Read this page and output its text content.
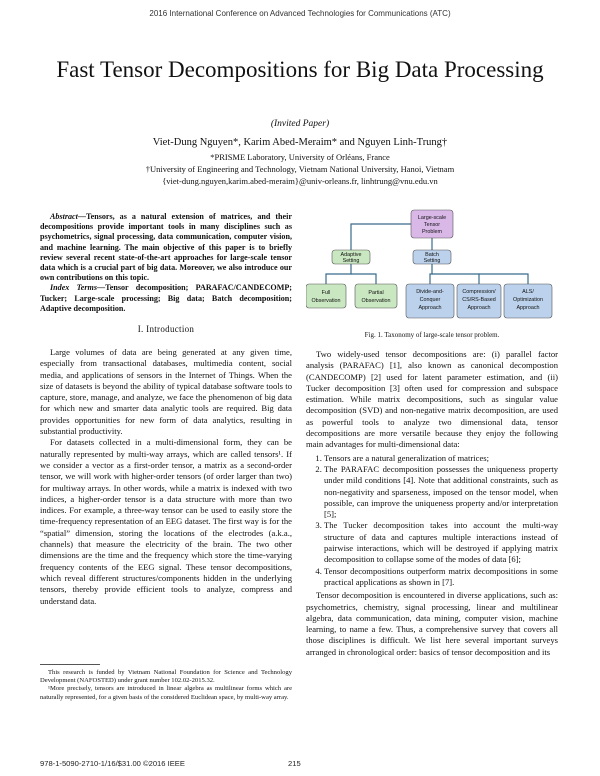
2016 International Conference on Advanced Technologies for Communications (ATC)
Fast Tensor Decompositions for Big Data Processing
(Invited Paper)
Viet-Dung Nguyen*, Karim Abed-Meraim* and Nguyen Linh-Trung†
*PRISME Laboratory, University of Orléans, France
†University of Engineering and Technology, Vietnam National University, Hanoi, Vietnam
{viet-dung.nguyen,karim.abed-meraim}@univ-orleans.fr, linhtrung@vnu.edu.vn

Abstract—Tensors, as a natural extension of matrices, and their decompositions provide important tools in many disciplines such as psychometrics, signal processing, data communication, computer vision, and machine learning. The main objective of this paper is to briefly review several recent state-of-the-art approaches for large-scale tensor data which is a crucial part of big data. Moreover, we also introduce our own contributions on this topic.

Index Terms—Tensor decomposition; PARAFAC/CANDECOMP; Tucker; Large-scale processing; Big data; Batch decomposition; Adaptive decomposition.

I. Introduction

Large volumes of data are being generated at any given time, especially from transactional databases, multimedia content, social media, and applications of sensors in the Internet of Things. When the size of datasets is beyond the ability of typical database software tools to capture, store, manage, and analyze, we face the phenomenon of big data for which new and smarter data analytic tools are required. Big data provides opportunities for new form of data analytics, resulting in substantial productivity.

For datasets collected in a multi-dimensional form, they can be naturally represented by multi-way arrays, which are called tensors¹. If we consider a vector as a first-order tensor, a matrix as a second-order tensor, we will work with higher-order tensors (of order larger than two) for multiway arrays. In other words, while a matrix is indexed with two indices, a higher-order tensor is a data structure with more than two indices. For example, a three-way tensor can be used to easily store the time-frequency representation of an EEG dataset. The first way is for the “spatial” dimension, storing the locations of the electrodes (a.k.a., channels) that measure the electricity of the brain. The two other dimensions are the time and the frequency which store the time-varying frequency contents of the EEG signal. These tensor decompositions, which reveal different structures/components hidden in the underlying tensors, thereby provide efficient tools to analyze, compress and understand data.

This research is funded by Vietnam National Foundation for Science and Technology Development (NAFOSTED) under grant number 102.02-2015.32.

¹More precisely, tensors are introduced in linear algebra as multilinear forms which are naturally represented, for a given basis of the considered Euclidean space, by multi-way array.

Large-scale
Tensor
Problem
Adaptive
Setting
Batch
Setting
Full
Observation
Partial
Observation
Divide-and-
Conquer
Approach
Compression/
CS/RS-Based
Approach
ALS/
Optimization
Approach
Fig. 1. Taxonomy of large-scale tensor problem.

Two widely-used tensor decompositions are: (i) parallel factor analysis (PARAFAC) [1], also known as canonical decompostion (CANDECOMP) [2] used for latent parameter estimation, and (ii) Tucker decomposition [3] often used for compression and subspace estimation. While matrix decompositions, such as singular value decomposition (SVD) and non-negative matrix decomposition, are used as powerful tools to analyze two dimensional data, tensor decompositions are more versatile because they enjoy the following main advantages for multi-dimensional data:

1. Tensors are a natural generalization of matrices;
2. The PARAFAC decomposition possesses the uniqueness property under mild conditions [4]. Note that additional constraints, such as non-negativity and sparseness, imposed on the tensor model, when possible, can improve the uniqueness property and/or interpretation [5];
3. The Tucker decomposition takes into account the multi-way structure of data and captures multiple interactions instead of pairwise interactions, which will be destroyed if applying matrix decomposition to collapse some of the modes of data [6];
4. Tensor decompositions outperform matrix decompositions in some practical applications as shown in [7].

Tensor decomposition is encountered in diverse applications, such as: psychometrics, chemistry, signal processing, linear and multilinear algebra, data communication, data mining, computer vision, machine learning, to name a few. Thus, a comprehensive survey that covers all those disciplines is difficult. We list here several important surveys arranged in chronological order: basics of tensor decomposition and its

978-1-5090-2710-1/16/$31.00 ©2016 IEEE	215
